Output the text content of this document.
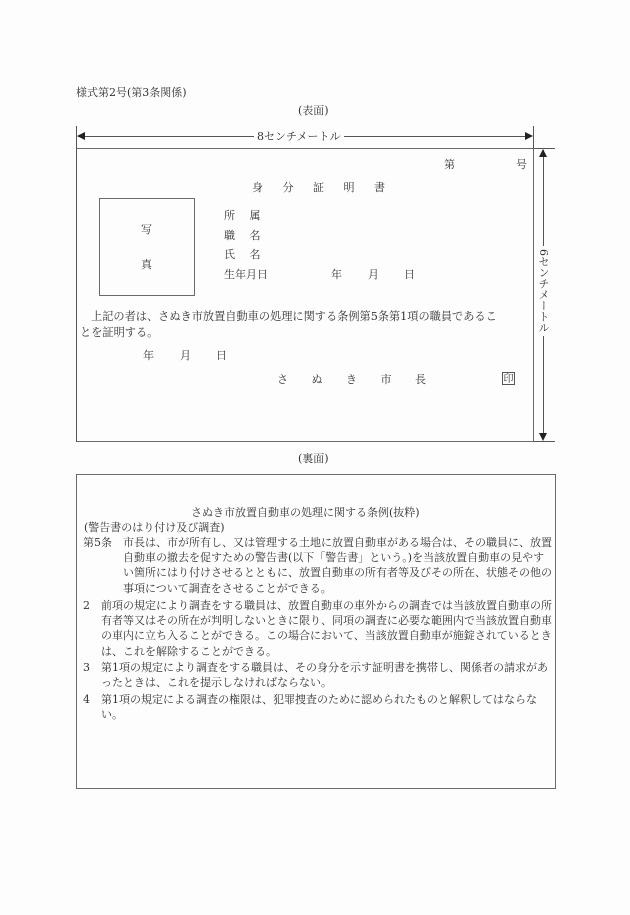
様式第2号(第3条関係)
(表面)
8センチメートル
6センチメートル
第	号
身 分 証 明 書
写
真
所　 属
職　 名
氏　 名
生年月日	年 月 日
上記の者は、さぬき市放置自動車の処理に関する条例第5条第1項の職員であるこ
とを証明する。
年 月 日
さ ぬ き 市 長	印
(裏面)
さぬき市放置自動車の処理に関する条例(抜粋)
(警告書のはり付け及び調査)
第5条　 市長は、市が所有し、又は管理する土地に放置自動車がある場合は、その職員に、放置自動車の撤去を促すための警告書(以下「警告書」という。)を当該放置自動車の見やすい箇所にはり付けさせるとともに、放置自動車の所有者等及びその所在、状態その他の事項について調査をさせることができる。
2　 前項の規定により調査をする職員は、放置自動車の車外からの調査では当該放置自動車の所有者等又はその所在が判明しないときに限り、同項の調査に必要な範囲内で当該放置自動車の車内に立ち入ることができる。この場合において、当該放置自動車が施錠されているときは、これを解除することができる。
3　 第1項の規定により調査をする職員は、その身分を示す証明書を携帯し、関係者の請求があったときは、これを提示しなければならない。
4　 第1項の規定による調査の権限は、犯罪捜査のために認められたものと解釈してはならない。
